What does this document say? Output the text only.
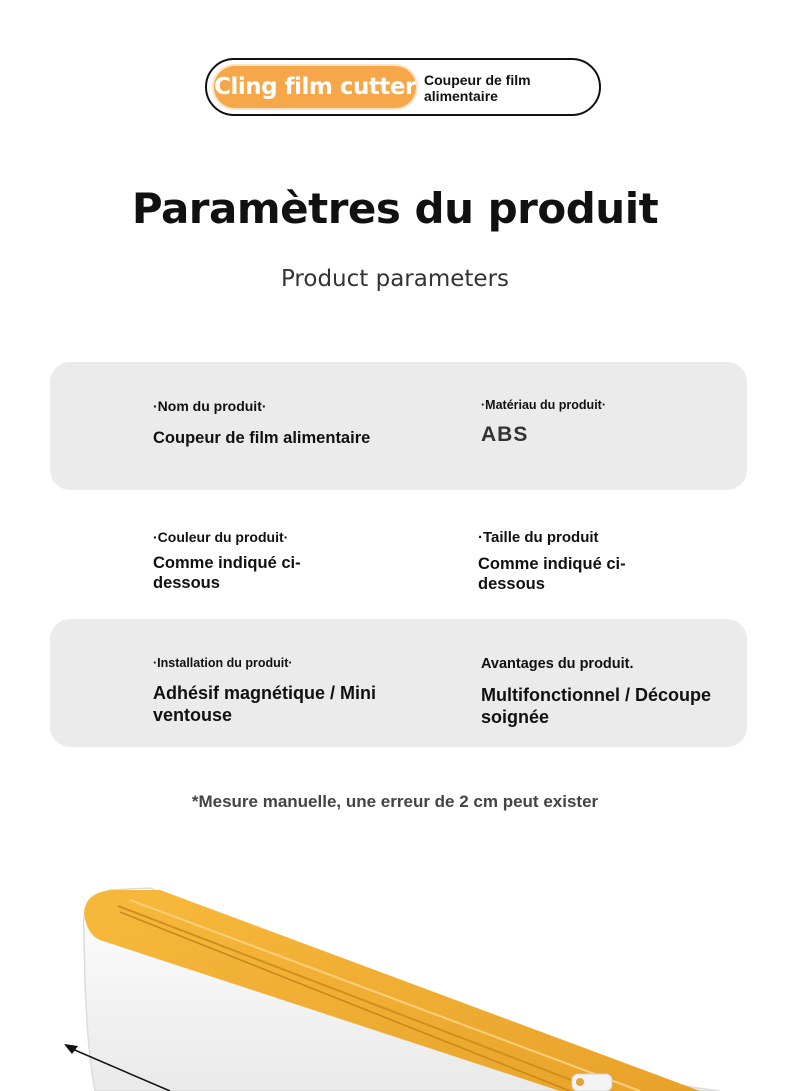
Cling film cutter Coupeur de film alimentaire
Paramètres du produit
Product parameters
·Nom du produit·
Coupeur de film alimentaire
·Matériau du produit·
ABS
·Couleur du produit·
Comme indiqué ci-dessous
·Taille du produit
Comme indiqué ci-dessous
·Installation du produit·
Adhésif magnétique / Mini ventouse
Avantages du produit.
Multifonctionnel / Découpe soignée
*Mesure manuelle, une erreur de 2 cm peut exister
